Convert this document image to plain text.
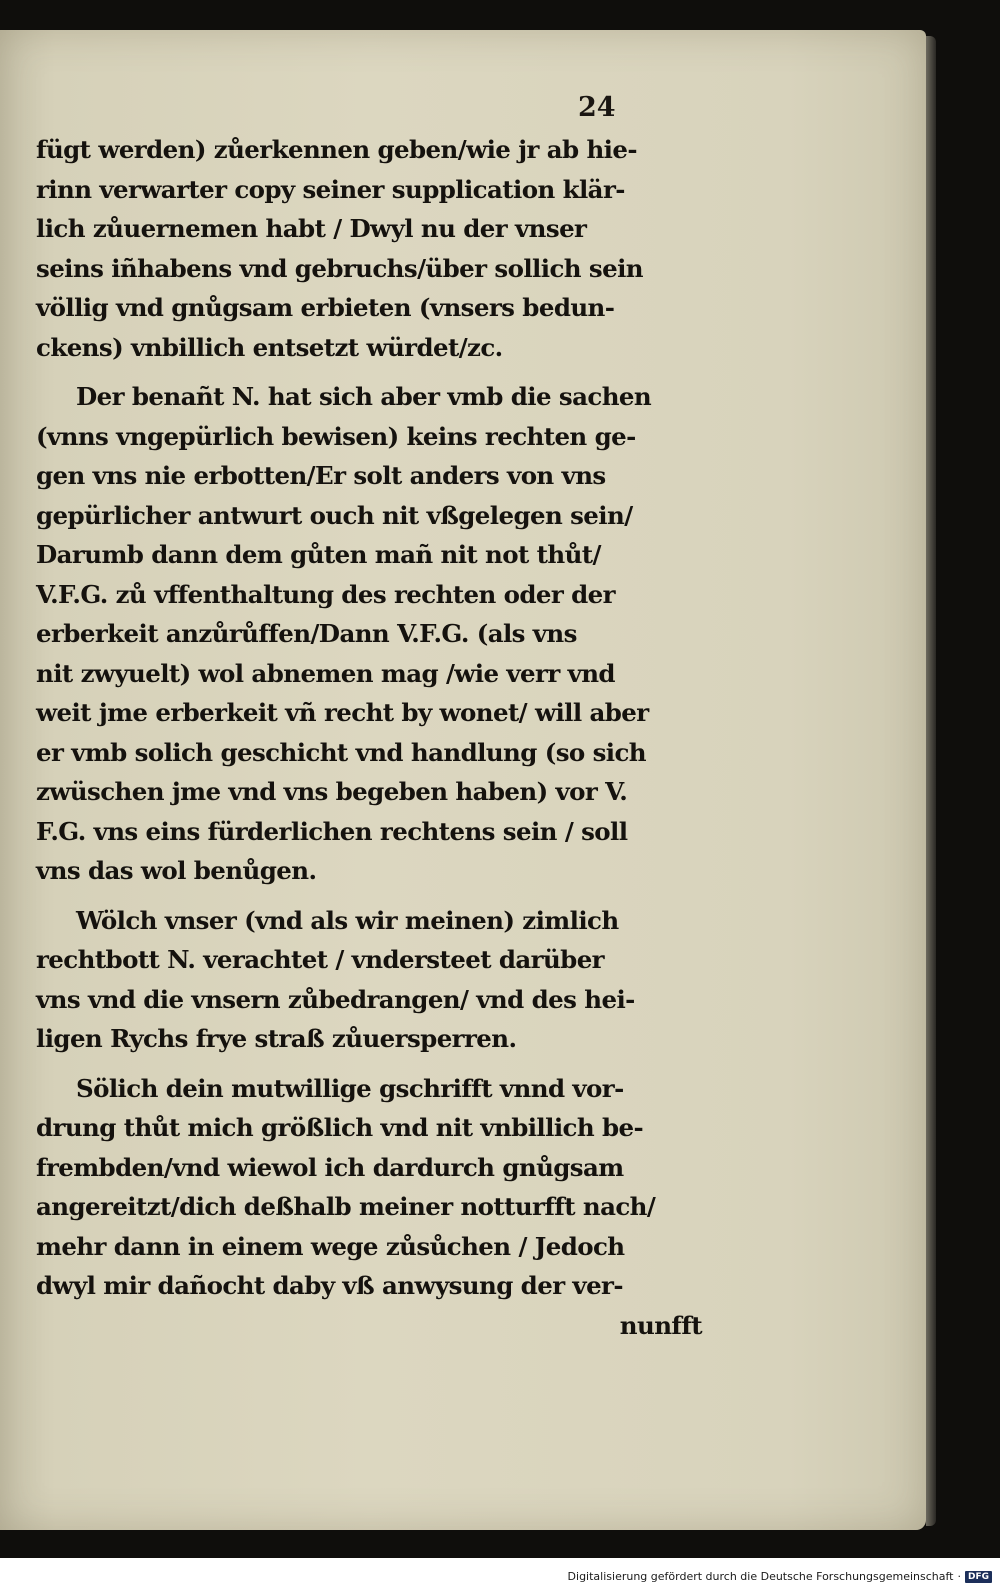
24
fügt werden) zůerkennen geben/wie jr ab hie-
rinn verwarter copy seiner supplication klär-
lich zůuernemen habt / Dwyl nu der vnser
seins iñhabens vnd gebruchs/über sollich sein
völlig vnd gnůgsam erbieten (vnsers bedun-
ckens) vnbillich entsetzt würdet/zc.
Der benañt N. hat sich aber vmb die sachen
(vnns vngepürlich bewisen) keins rechten ge-
gen vns nie erbotten/Er solt anders von vns
gepürlicher antwurt ouch nit vßgelegen sein/
Darumb dann dem gůten mañ nit not thůt/
V.F.G. zů vffenthaltung des rechten oder der
erberkeit anzůrůffen/Dann V.F.G. (als vns
nit zwyuelt) wol abnemen mag /wie verr vnd
weit jme erberkeit vñ recht by wonet/ will aber
er vmb solich geschicht vnd handlung (so sich
zwüschen jme vnd vns begeben haben) vor V.
F.G. vns eins fürderlichen rechtens sein / soll
vns das wol benůgen.
Wölch vnser (vnd als wir meinen) zimlich
rechtbott N. verachtet / vndersteet darüber
vns vnd die vnsern zůbedrangen/ vnd des hei-
ligen Rychs frye straß zůuersperren.
Sölich dein mutwillige gschrifft vnnd vor-
drung thůt mich größlich vnd nit vnbillich be-
frembden/vnd wiewol ich dardurch gnůgsam
angereitzt/dich deßhalb meiner notturfft nach/
mehr dann in einem wege zůsůchen / Jedoch
dwyl mir dañocht daby vß anwysung der ver-
nunfft
Digitalisierung gefördert durch die Deutsche Forschungsgemeinschaft · DFG
